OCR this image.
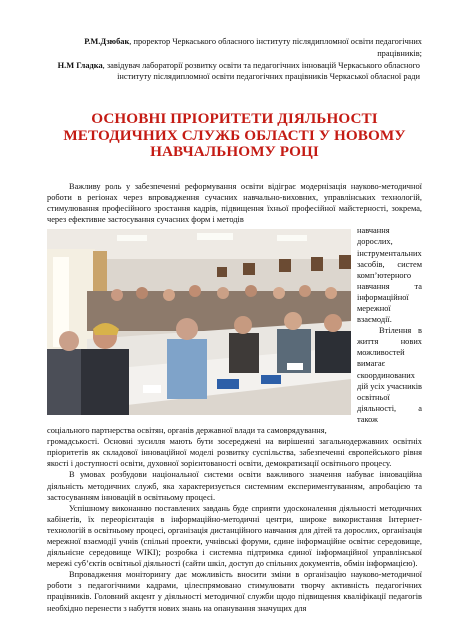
Р.М.Дзюбак, проректор Черкаського обласного інституту післядипломної освіти педагогічних працівників;

Н.М Гладка, завідувач лабораторії розвитку освіти та педагогічних інновацій Черкаського обласного інституту післядипломної освіти педагогічних працівників Черкаської обласної ради

ОСНОВНІ ПРІОРИТЕТИ ДІЯЛЬНОСТІ МЕТОДИЧНИХ СЛУЖБ ОБЛАСТІ У НОВОМУ НАВЧАЛЬНОМУ РОЦІ

Важливу роль у забезпеченні реформування освіти відіграє модернізація науково-методичної роботи в регіонах через впровадження сучасних навчально-виховних, управлінських технологій, стимулювання професійного зростання кадрів, підвищення їхньої професійної майстерності, зокрема, через ефективне застосування сучасних форм і методів

навчання дорослих, інструментальних засобів, систем комп’ютерного навчання та інформаційної мережної взаємодії.

Втілення в життя нових можливостей вимагає скоординованих дій усіх учасників освітньої діяльності, а також соціального партнерства освітян, органів державної влади та самоврядування,

громадськості. Основні зусилля мають бути зосереджені на вирішенні загальнодержавних освітніх пріоритетів як складової інноваційної моделі розвитку суспільства, забезпеченні європейського рівня якості і доступності освіти, духовної зорієнтованості освіти, демократизації освітнього процесу.

В умовах розбудови національної системи освіти важливого значення набуває інноваційна діяльність методичних служб, яка характеризується системним експериментуванням, апробацією та застосуванням інновацій в освітньому процесі.

Успішному виконанню поставлених завдань буде сприяти удосконалення діяльності методичних кабінетів, їх переорієнтація в інформаційно-методичні центри, широке використання Інтернет-технологій в освітньому процесі, організація дистанційного навчання для дітей та дорослих, організація мережної взаємодії учнів (спільні проекти, учнівські форуми, єдине інформаційне освітнє середовище, діяльнісне середовище WIKI); розробка і системна підтримка єдиної інформаційної управлінської мережі суб’єктів освітньої діяльності (сайти шкіл, доступ до спільних документів, обмін інформацією).

Впровадження моніторингу дає можливість вносити зміни в організацію науково-методичної роботи з педагогічними кадрами, цілеспрямовано стимулювати творчу активність педагогічних працівників. Головний акцент у діяльності методичної служби щодо підвищення кваліфікації педагогів необхідно перенести з набуття нових знань на опанування значущих для
